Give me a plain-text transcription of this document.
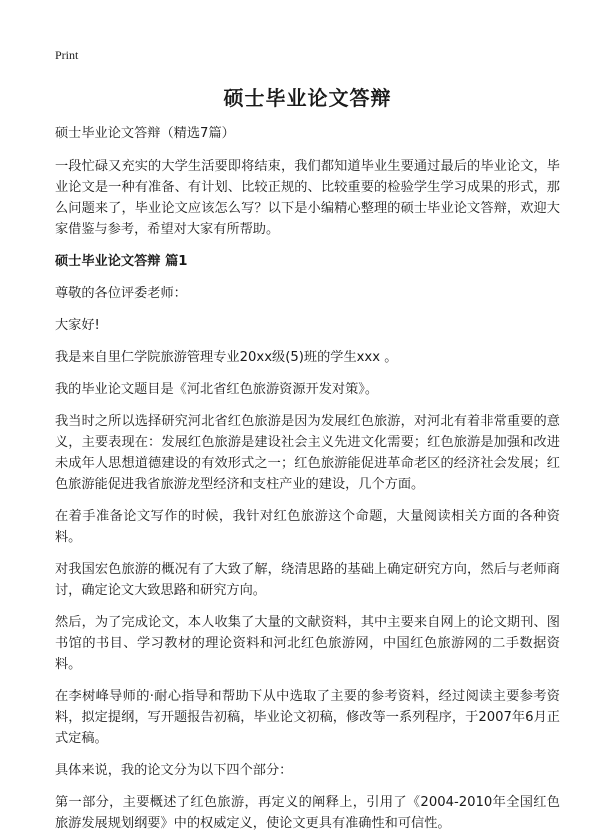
Print
硕士毕业论文答辩

硕士毕业论文答辩（精选7篇）

一段忙碌又充实的大学生活要即将结束，我们都知道毕业生要通过最后的毕业论文，毕业论文是一种有准备、有计划、比较正规的、比较重要的检验学生学习成果的形式，那么问题来了，毕业论文应该怎么写？以下是小编精心整理的硕士毕业论文答辩，欢迎大家借鉴与参考，希望对大家有所帮助。

硕士毕业论文答辩 篇1

尊敬的各位评委老师：

大家好!

我是来自里仁学院旅游管理专业20xx级(5)班的学生xxx 。

我的毕业论文题目是《河北省红色旅游资源开发对策》。

我当时之所以选择研究河北省红色旅游是因为发展红色旅游，对河北有着非常重要的意义，主要表现在：发展红色旅游是建设社会主义先进文化需要；红色旅游是加强和改进未成年人思想道德建设的有效形式之一；红色旅游能促进革命老区的经济社会发展；红色旅游能促进我省旅游龙型经济和支柱产业的建设，几个方面。

在着手准备论文写作的时候，我针对红色旅游这个命题，大量阅读相关方面的各种资料。

对我国宏色旅游的概况有了大致了解，绕清思路的基础上确定研究方向，然后与老师商讨，确定论文大致思路和研究方向。

然后，为了完成论文，本人收集了大量的文献资料，其中主要来自网上的论文期刊、图书馆的书目、学习教材的理论资料和河北红色旅游网，中国红色旅游网的二手数据资料。

在李树峰导师的·耐心指导和帮助下从中选取了主要的参考资料，经过阅读主要参考资料，拟定提纲，写开题报告初稿，毕业论文初稿，修改等一系列程序，于2007年6月正式定稿。

具体来说，我的论文分为以下四个部分：

第一部分，主要概述了红色旅游，再定义的阐释上，引用了《2004-2010年全国红色旅游发展规划纲要》中的权威定义，使论文更具有准确性和可信性。
